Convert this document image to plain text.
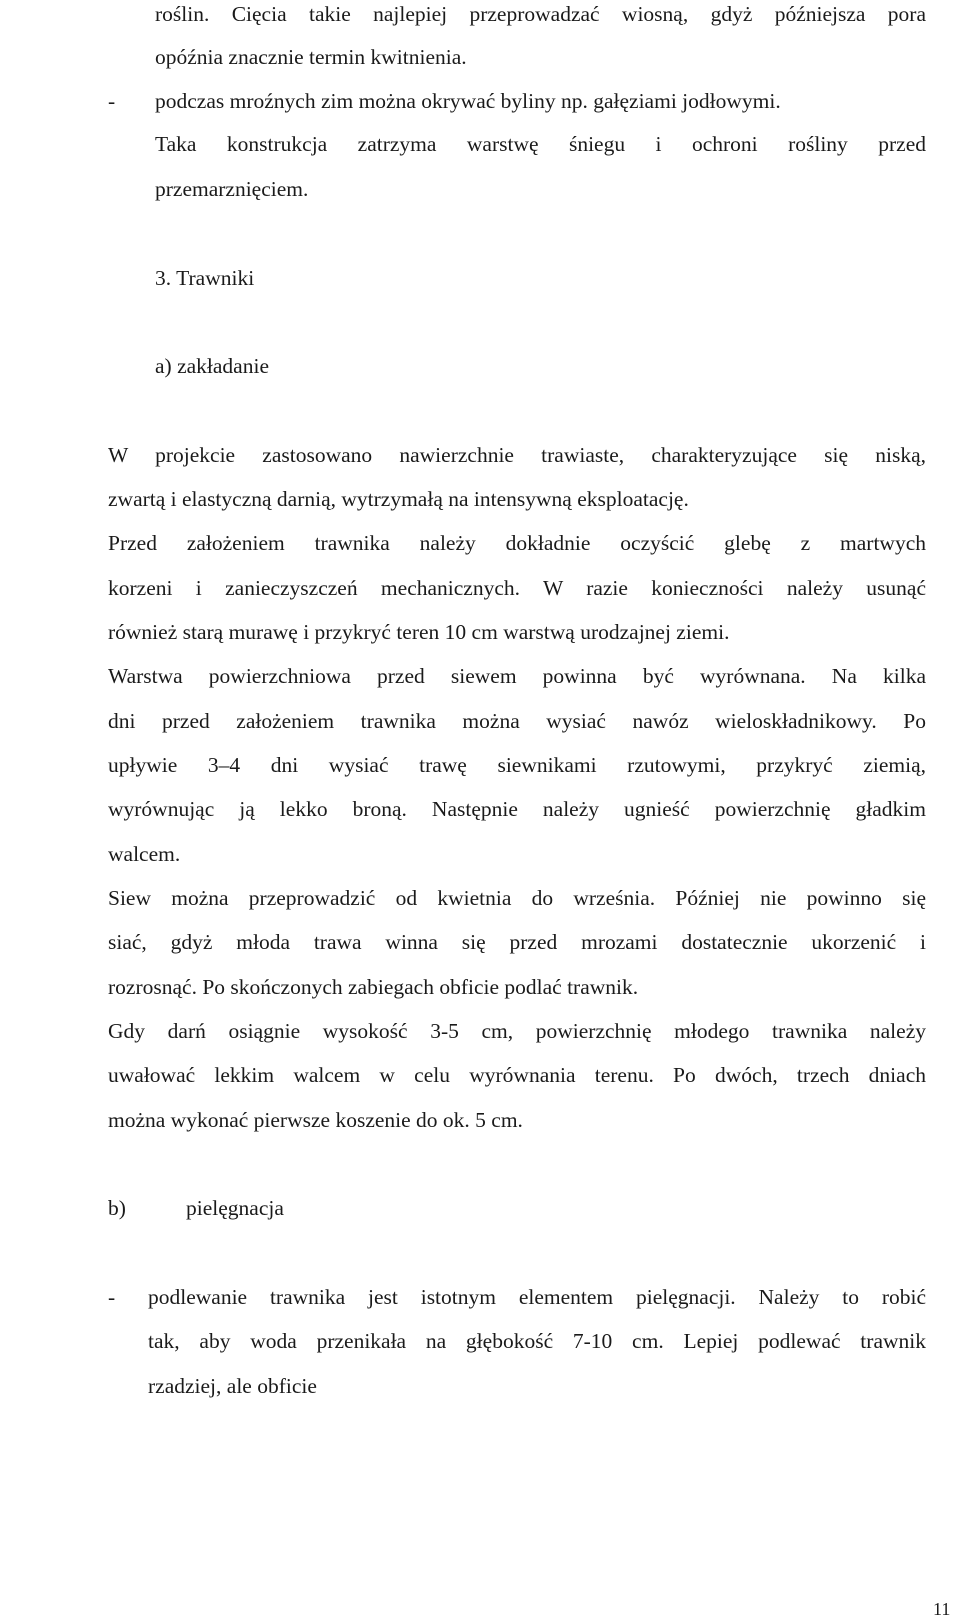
roślin. Cięcia takie najlepiej przeprowadzać wiosną, gdyż późniejsza pora
opóźnia znacznie termin kwitnienia.
- podczas mroźnych zim można okrywać byliny np. gałęziami jodłowymi.
Taka konstrukcja zatrzyma warstwę śniegu i ochroni rośliny przed
przemarznięciem.
3. Trawniki
a) zakładanie
W projekcie zastosowano nawierzchnie trawiaste, charakteryzujące się niską,
zwartą i elastyczną darnią, wytrzymałą na intensywną eksploatację.
Przed założeniem trawnika należy dokładnie oczyścić glebę z martwych
korzeni i zanieczyszczeń mechanicznych. W razie konieczności należy usunąć
również starą murawę i przykryć teren 10 cm warstwą urodzajnej ziemi.
Warstwa powierzchniowa przed siewem powinna być wyrównana. Na kilka
dni przed założeniem trawnika można wysiać nawóz wieloskładnikowy. Po
upływie 3–4 dni wysiać trawę siewnikami rzutowymi, przykryć ziemią,
wyrównując ją lekko broną. Następnie należy ugnieść powierzchnię gładkim
walcem.
Siew można przeprowadzić od kwietnia do września. Później nie powinno się
siać, gdyż młoda trawa winna się przed mrozami dostatecznie ukorzenić i
rozrosnąć. Po skończonych zabiegach obficie podlać trawnik.
Gdy darń osiągnie wysokość 3-5 cm, powierzchnię młodego trawnika należy
uwałować lekkim walcem w celu wyrównania terenu. Po dwóch, trzech dniach
można wykonać pierwsze koszenie do ok. 5 cm.
b)	pielęgnacja
- podlewanie trawnika jest istotnym elementem pielęgnacji. Należy to robić
tak, aby woda przenikała na głębokość 7-10 cm. Lepiej podlewać trawnik
rzadziej, ale obficie
11
